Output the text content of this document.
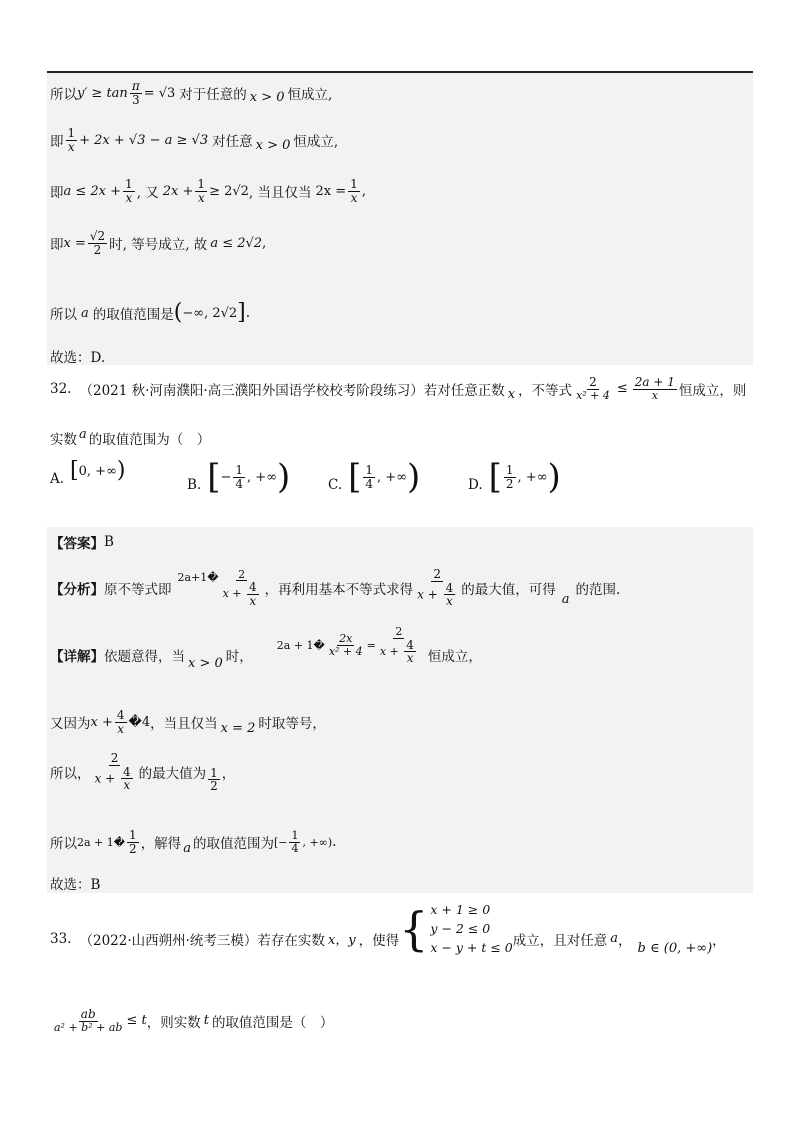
所以 $y' \ge \tan \frac{\pi}{3} = √3$ 对于任意的 x > 0 恒成立,
即 $\frac{1}{x} + 2x + √3 - a \ge √3$ 对任意 x > 0 恒成立,
即 $a \le 2x + \frac{1}{x}$ , 又 $2x + \frac{1}{x} \ge 2√2$ , 当且仅当 $2x = \frac{1}{x}$ ,
即 $x = \frac{√2}{2}$ 时, 等号成立, 故 a ≤ 2√2 ,
所以 a 的取值范围是 ( −∞, 2√2 ] .
故选：D.
32. （2021 秋·河南濮阳·高三濮阳外国语学校校考阶段练习）若对任意正数 x ，不等式 $\frac{2}{\text{x² + 4}} \le \frac{2a + 1}{x}$ 恒成立，则
实数 a 的取值范围为（　）
A. [ 0, +∞ )
B. [ − $\frac{1}{4}$ , +∞ )	C. [ $\frac{1}{4}$ , +∞ )	D. [ $\frac{1}{2}$ , +∞ )
【答案】 B
【分析】 原不等式即
2a+1� $\frac{2}{x + \frac{4}{x}}$ ，再利用基本不等式求得 $\frac{2}{x + \frac{4}{x}}$ 的最大值，可得
a
的范围.
【详解】 依题意得，当 x > 0 时，
2a + 1� $\frac{2x}{\text{x² + 4}} = \frac{2}{x + \frac{4}{x}}$ 恒成立，
又因为 $x + \frac{4}{x}$ �4 ，当且仅当 x = 2 时取等号，
所以， $\frac{2}{x + \frac{4}{x}}$ 的最大值为 $\frac{1}{2}$ ，
所以 2a + 1� $\frac{1}{2}$ ，解得 a 的取值范围为 [− $\frac{1}{4}$ , +∞) .
故选：B
33. （2022·山西朔州·统考三模）若存在实数 x，y ，使得 { x + 1 ≥ 0
y − 2 ≤ 0
x − y + t ≤ 0 成立，且对任意 a ， b ∈ (0, +∞) ，
$\frac{ab}{\text{a² + b² + ab}} \le t$ ，则实数 t 的取值范围是（　）
